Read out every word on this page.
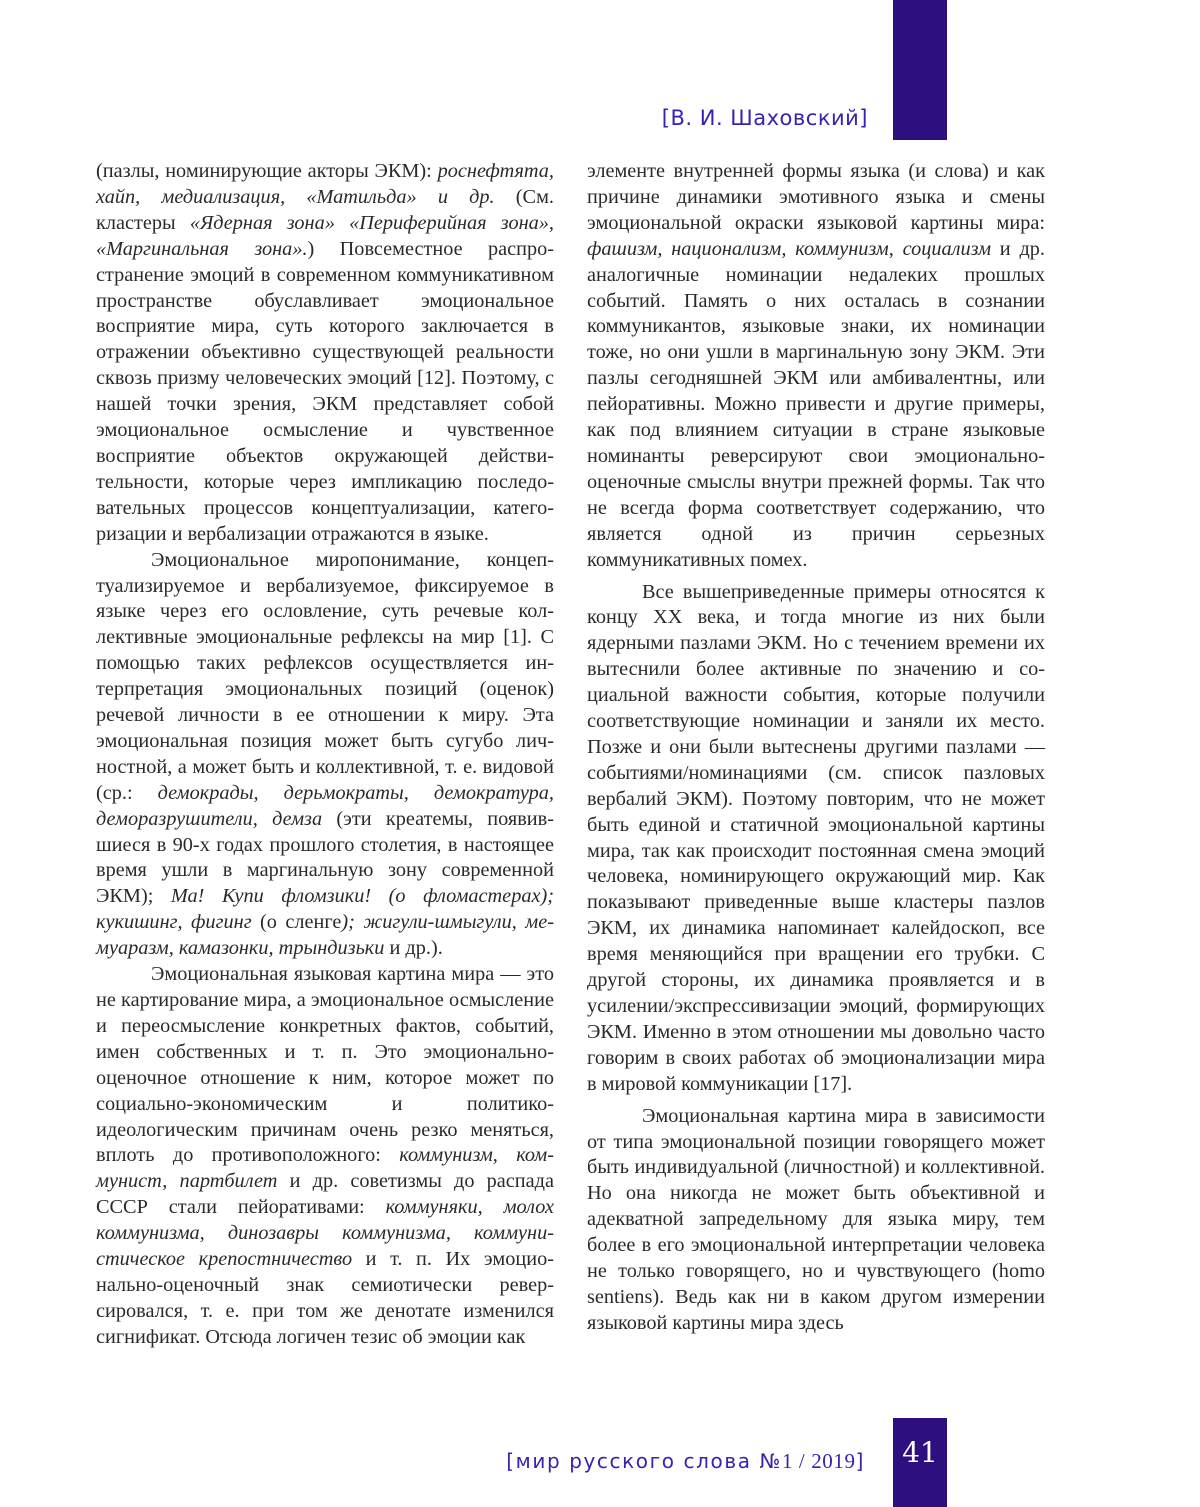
[В. И. Шаховский]

(пазлы, номинирующие акторы ЭКМ): роснефтята, хайп, медиализация, «Матильда» и др. (См. кластеры «Ядерная зона» «Периферийная зона», «Маргинальная зона».) Повсеместное распространение эмоций в современном коммуникативном пространстве обуславливает эмоциональное восприятие мира, суть которого заключается в отражении объективно существующей реальности сквозь призму человеческих эмоций [12]. Поэтому, с нашей точки зрения, ЭКМ представляет собой эмоциональное осмысление и чувственное восприятие объектов окружающей действительности, которые через импликацию последовательных процессов концептуализации, категоризации и вербализации отражаются в языке.

Эмоциональное миропонимание, концептуализируемое и вербализуемое, фиксируемое в языке через его ословление, суть речевые коллективные эмоциональные рефлексы на мир [1]. С помощью таких рефлексов осуществляется интерпретация эмоциональных позиций (оценок) речевой личности в ее отношении к миру. Эта эмоциональная позиция может быть сугубо личностной, а может быть и коллективной, т. е. видовой (ср.: демокрады, дерьмократы, демократура, деморазрушители, демза (эти креатемы, появившиеся в 90-х годах прошлого столетия, в настоящее время ушли в маргинальную зону современной ЭКМ); Ма! Купи фломзики! (о фломастерах); кукишинг, фигинг (о сленге); жигули-шмыгули, мемуаразм, камазонки, трындизьки и др.).

Эмоциональная языковая картина мира — это не картирование мира, а эмоциональное осмысление и переосмысление конкретных фактов, событий, имен собственных и т. п. Это эмоционально-оценочное отношение к ним, которое может по социально-экономическим и политико-идеологическим причинам очень резко меняться, вплоть до противоположного: коммунизм, коммунист, партбилет и др. советизмы до распада СССР стали пейоративами: коммуняки, молох коммунизма, динозавры коммунизма, коммунистическое крепостничество и т. п. Их эмоционально-оценочный знак семиотически реверсировался, т. е. при том же денотате изменился сигнификат. Отсюда логичен тезис об эмоции как

элементе внутренней формы языка (и слова) и как причине динамики эмотивного языка и смены эмоциональной окраски языковой картины мира: фашизм, национализм, коммунизм, социализм и др. аналогичные номинации недалеких прошлых событий. Память о них осталась в сознании коммуникантов, языковые знаки, их номинации тоже, но они ушли в маргинальную зону ЭКМ. Эти пазлы сегодняшней ЭКМ или амбивалентны, или пейоративны. Можно привести и другие примеры, как под влиянием ситуации в стране языковые номинанты реверсируют свои эмоционально-оценочные смыслы внутри прежней формы. Так что не всегда форма соответствует содержанию, что является одной из причин серьезных коммуникативных помех.

Все вышеприведенные примеры относятся к концу XX века, и тогда многие из них были ядерными пазлами ЭКМ. Но с течением времени их вытеснили более активные по значению и социальной важности события, которые получили соответствующие номинации и заняли их место. Позже и они были вытеснены другими пазлами — событиями/номинациями (см. список пазловых вербалий ЭКМ). Поэтому повторим, что не может быть единой и статичной эмоциональной картины мира, так как происходит постоянная смена эмоций человека, номинирующего окружающий мир. Как показывают приведенные выше кластеры пазлов ЭКМ, их динамика напоминает калейдоскоп, все время меняющийся при вращении его трубки. С другой стороны, их динамика проявляется и в усилении/экспрессивизации эмоций, формирующих ЭКМ. Именно в этом отношении мы довольно часто говорим в своих работах об эмоционализации мира в мировой коммуникации [17].

Эмоциональная картина мира в зависимости от типа эмоциональной позиции говорящего может быть индивидуальной (личностной) и коллективной. Но она никогда не может быть объективной и адекватной запредельному для языка миру, тем более в его эмоциональной интерпретации человека не только говорящего, но и чувствующего (homo sentiens). Ведь как ни в каком другом измерении языковой картины мира здесь

[мир русского слова №1 / 2019]	41
